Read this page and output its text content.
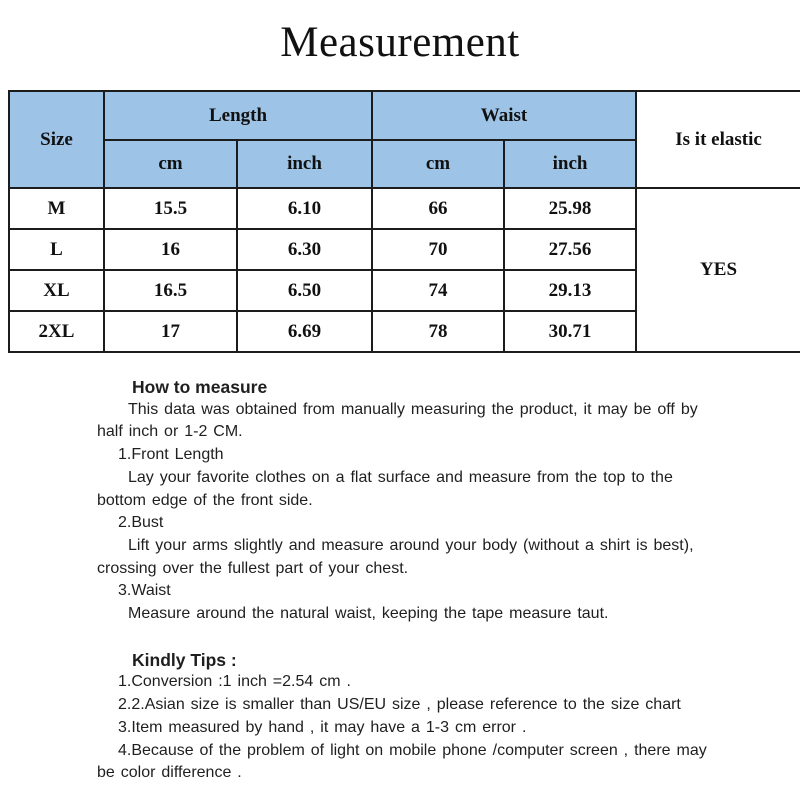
Measurement
Size	Length		Waist		Is it elastic
	cm	inch	cm	inch	
M	15.5	6.10	66	25.98	YES
L	16	6.30	70	27.56	
XL	16.5	6.50	74	29.13	
2XL	17	6.69	78	30.71	
How to measure
This data was obtained from manually measuring the product, it may be off by
half inch or 1-2 CM.
1.Front Length
Lay your favorite clothes on a flat surface and measure from the top to the
bottom edge of the front side.
2.Bust
Lift your arms slightly and measure around your body (without a shirt is best),
crossing over the fullest part of your chest.
3.Waist
Measure around the natural waist, keeping the tape measure taut.
Kindly Tips :
1.Conversion :1 inch =2.54 cm .
2.2.Asian size is smaller than US/EU size , please reference to the size chart
3.Item measured by hand , it may have a 1-3 cm error .
4.Because of the problem of light on mobile phone /computer screen , there may
be color difference .
